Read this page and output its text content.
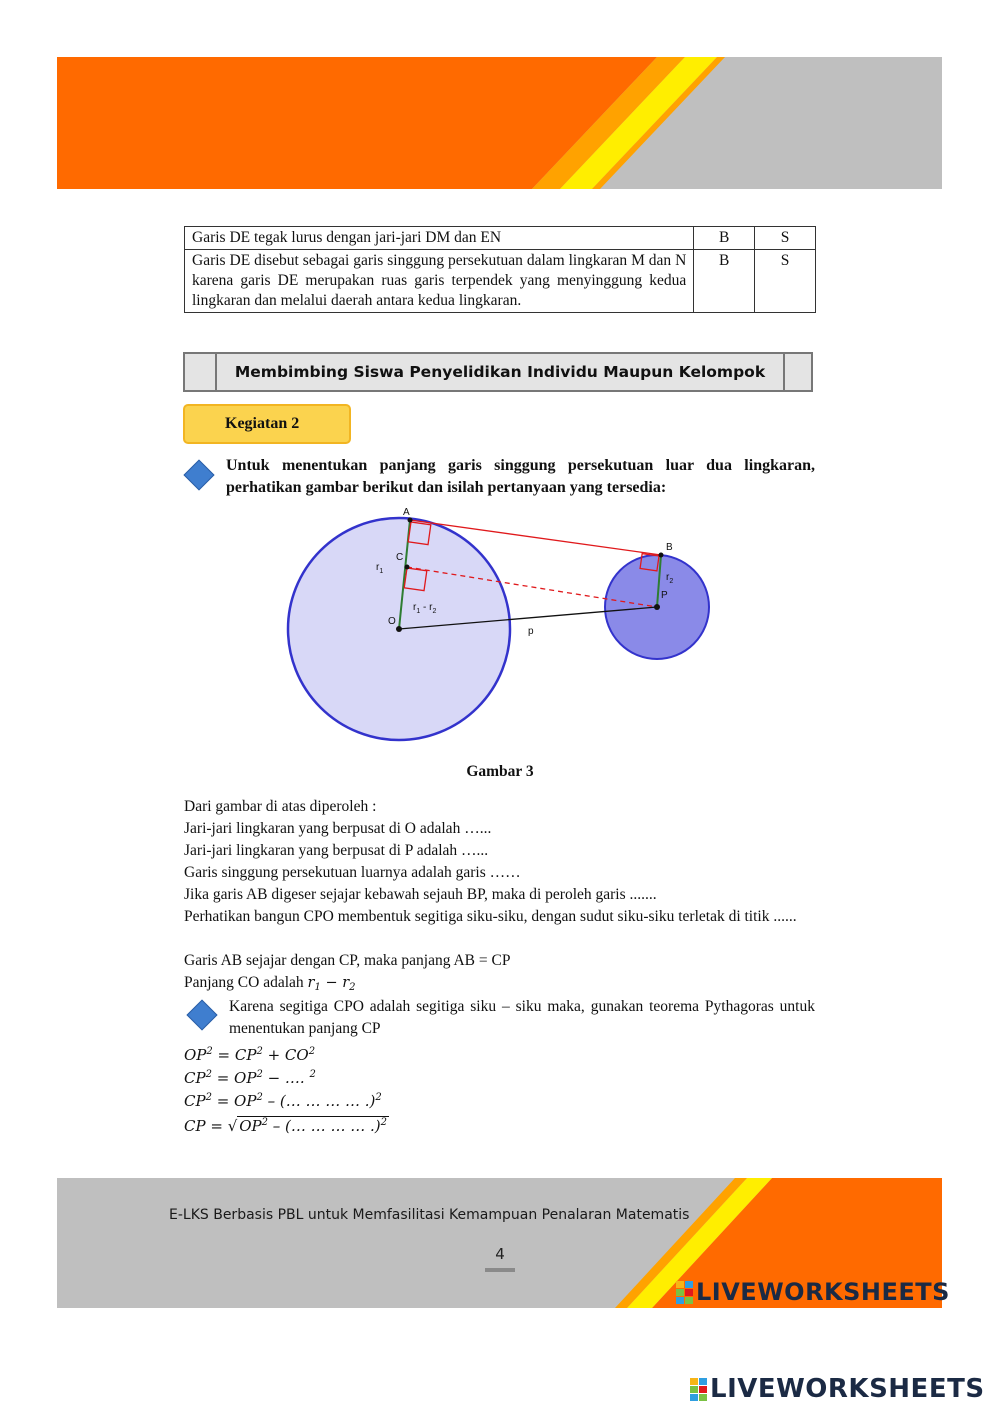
Garis DE tegak lurus dengan jari-jari DM dan EN	B	S
Garis DE disebut sebagai garis singgung persekutuan dalam lingkaran M dan N karena garis DE merupakan ruas garis terpendek yang menyinggung kedua lingkaran dan melalui daerah antara kedua lingkaran.	B	S
Membimbing Siswa Penyelidikan Individu Maupun Kelompok
Kegiatan 2
Untuk menentukan panjang garis singgung persekutuan luar dua lingkaran, perhatikan gambar berikut dan isilah pertanyaan yang tersedia:
A
B
C
O
P
p
$r_1$
$r_2$
$r_1 - r_2$
Gambar 3
Dari gambar di atas diperoleh :
Jari-jari lingkaran yang berpusat di O adalah …...
Jari-jari lingkaran yang berpusat di P adalah …...
Garis singgung persekutuan luarnya adalah garis ……
Jika garis AB digeser sejajar kebawah sejauh BP, maka di peroleh garis .......
Perhatikan bangun CPO membentuk segitiga siku-siku, dengan sudut siku-siku terletak di titik ......
Garis AB sejajar dengan CP, maka panjang AB = CP
Panjang CO adalah $r_1 - r_2$
Karena segitiga CPO adalah segitiga siku – siku maka, gunakan teorema Pythagoras untuk menentukan panjang CP
$OP^2 = CP^2 + CO^2$
$CP^2 = OP^2$ − …. $^2$
$CP^2 = OP^2$ – (… … … … .)$^2$
CP = √ $OP^2$ – (… … … … .)$^2$
E-LKS Berbasis PBL untuk Memfasilitasi Kemampuan Penalaran Matematis
4
LIVEWORKSHEETS
LIVEWORKSHEETS
